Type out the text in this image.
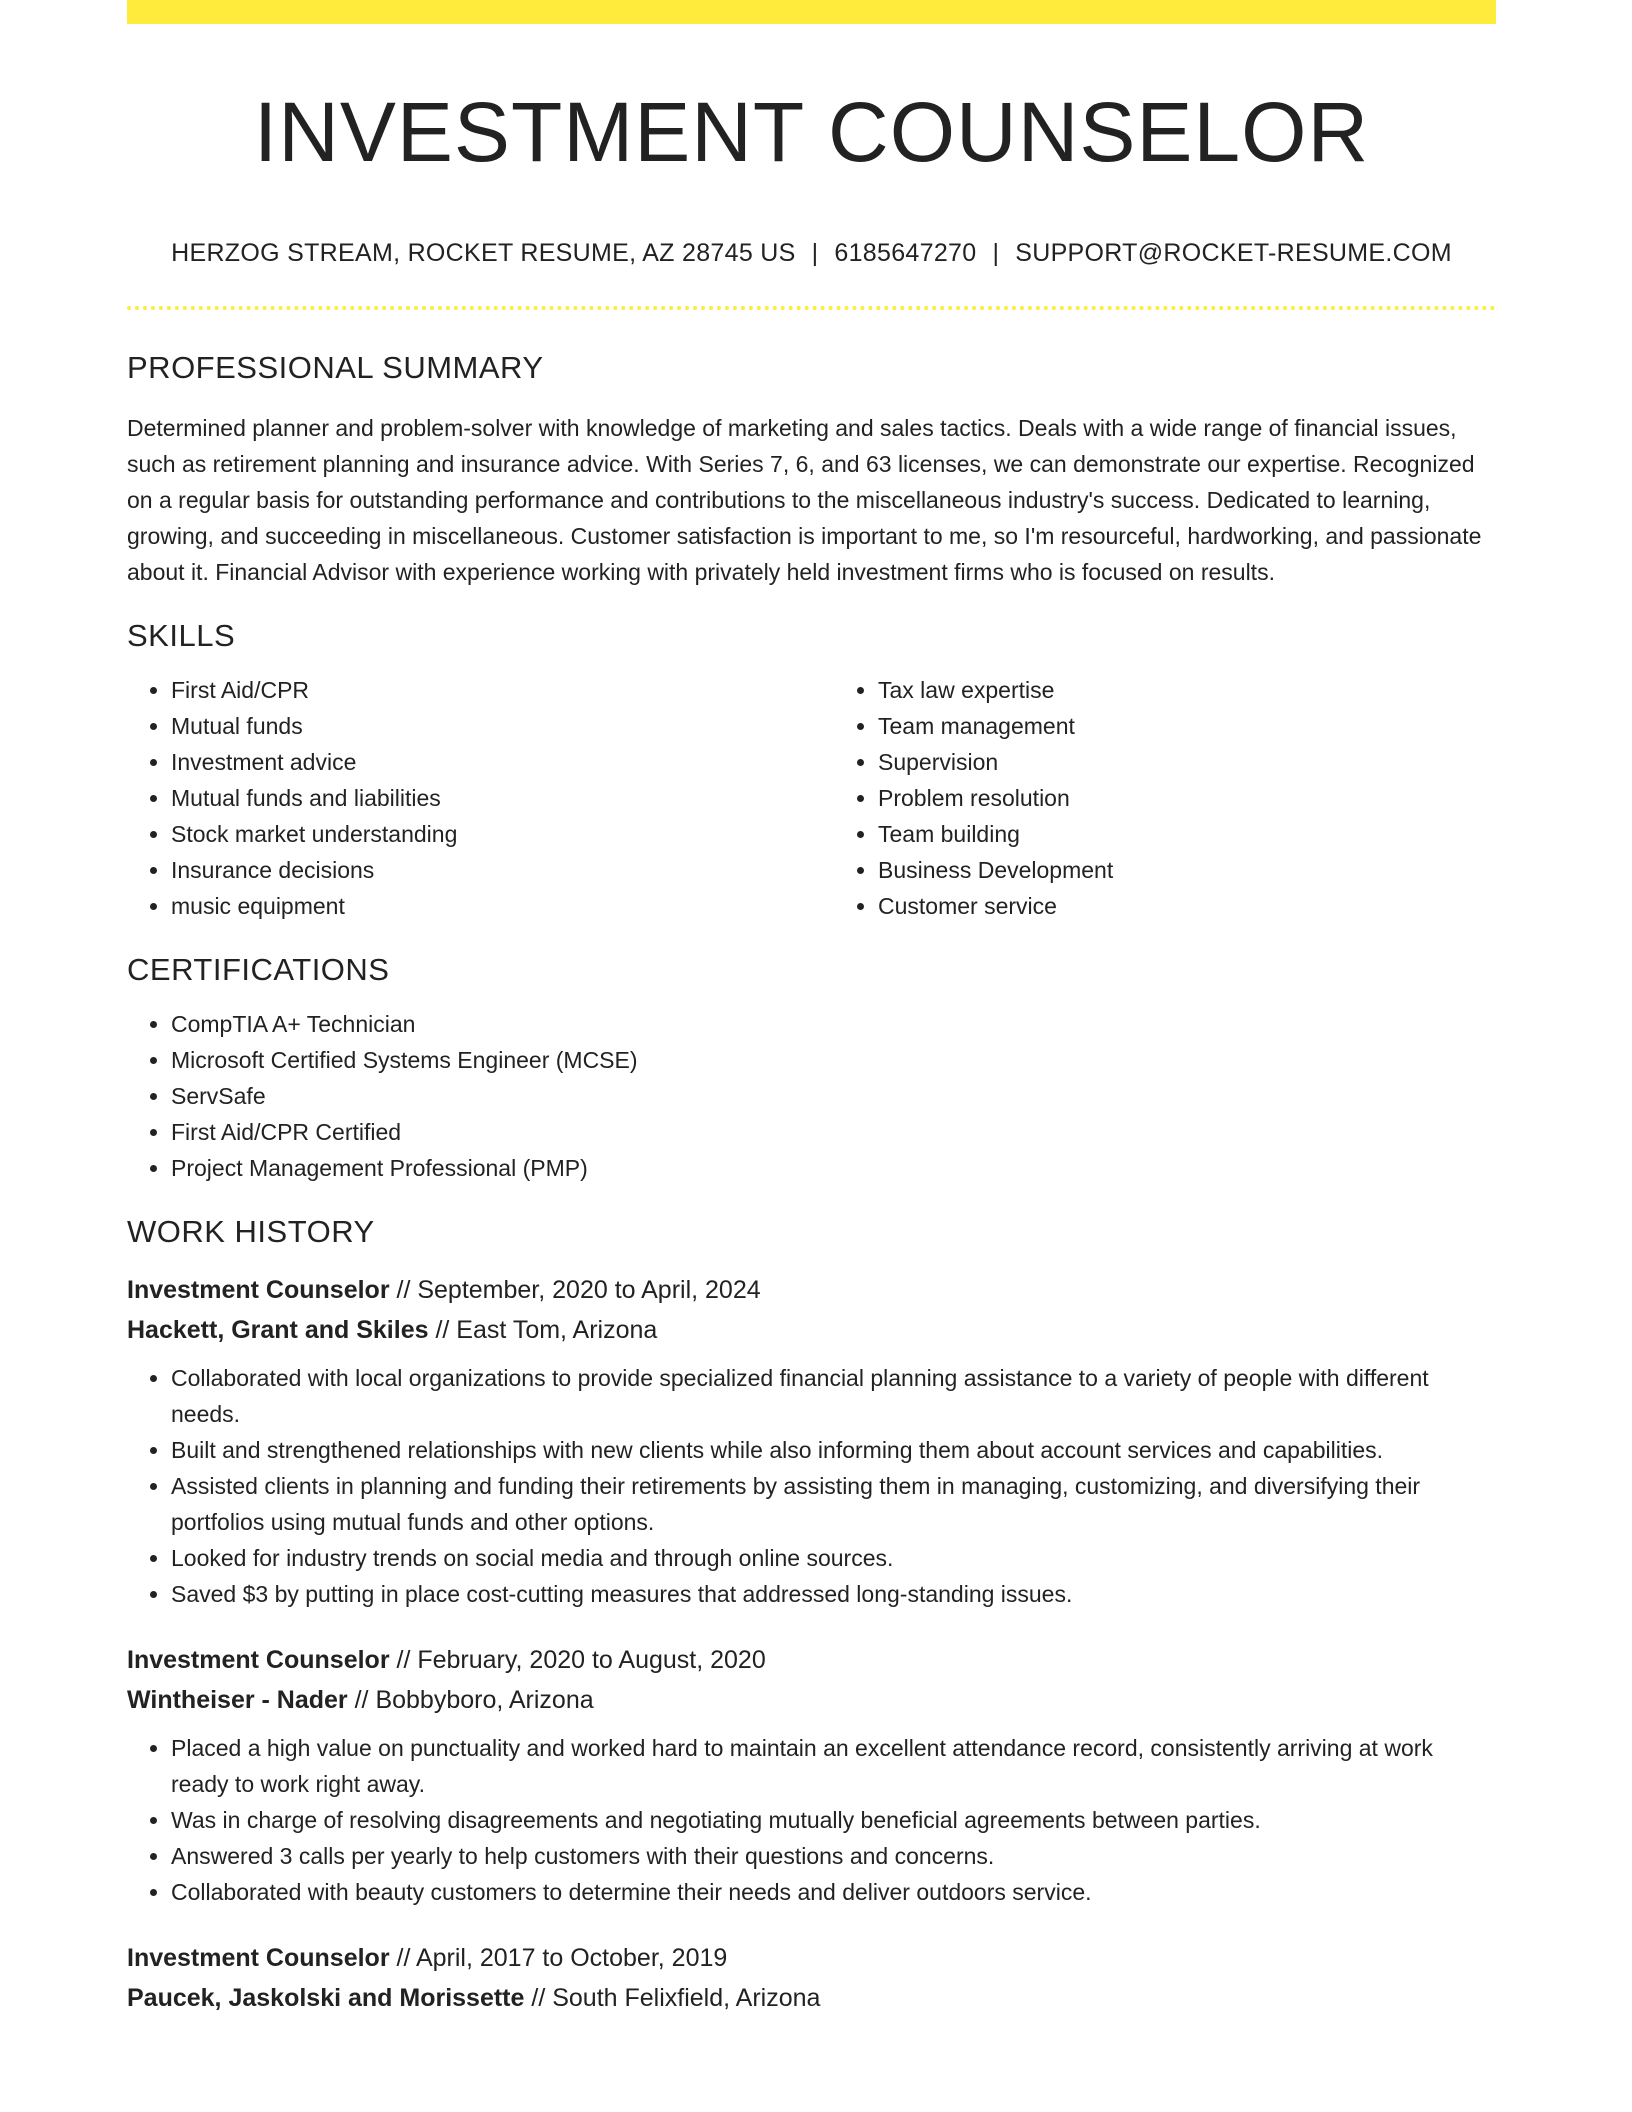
INVESTMENT COUNSELOR
HERZOG STREAM, ROCKET RESUME, AZ 28745 US | 6185647270 | SUPPORT@ROCKET-RESUME.COM
PROFESSIONAL SUMMARY
Determined planner and problem-solver with knowledge of marketing and sales tactics. Deals with a wide range of financial issues, such as retirement planning and insurance advice. With Series 7, 6, and 63 licenses, we can demonstrate our expertise. Recognized on a regular basis for outstanding performance and contributions to the miscellaneous industry's success. Dedicated to learning, growing, and succeeding in miscellaneous. Customer satisfaction is important to me, so I'm resourceful, hardworking, and passionate about it. Financial Advisor with experience working with privately held investment firms who is focused on results.
SKILLS
• First Aid/CPR
• Mutual funds
• Investment advice
• Mutual funds and liabilities
• Stock market understanding
• Insurance decisions
• music equipment
• Tax law expertise
• Team management
• Supervision
• Problem resolution
• Team building
• Business Development
• Customer service
CERTIFICATIONS
• CompTIA A+ Technician
• Microsoft Certified Systems Engineer (MCSE)
• ServSafe
• First Aid/CPR Certified
• Project Management Professional (PMP)
WORK HISTORY
Investment Counselor // September, 2020 to April, 2024
Hackett, Grant and Skiles // East Tom, Arizona
• Collaborated with local organizations to provide specialized financial planning assistance to a variety of people with different needs.
• Built and strengthened relationships with new clients while also informing them about account services and capabilities.
• Assisted clients in planning and funding their retirements by assisting them in managing, customizing, and diversifying their portfolios using mutual funds and other options.
• Looked for industry trends on social media and through online sources.
• Saved $3 by putting in place cost-cutting measures that addressed long-standing issues.
Investment Counselor // February, 2020 to August, 2020
Wintheiser - Nader // Bobbyboro, Arizona
• Placed a high value on punctuality and worked hard to maintain an excellent attendance record, consistently arriving at work ready to work right away.
• Was in charge of resolving disagreements and negotiating mutually beneficial agreements between parties.
• Answered 3 calls per yearly to help customers with their questions and concerns.
• Collaborated with beauty customers to determine their needs and deliver outdoors service.
Investment Counselor // April, 2017 to October, 2019
Paucek, Jaskolski and Morissette // South Felixfield, Arizona
